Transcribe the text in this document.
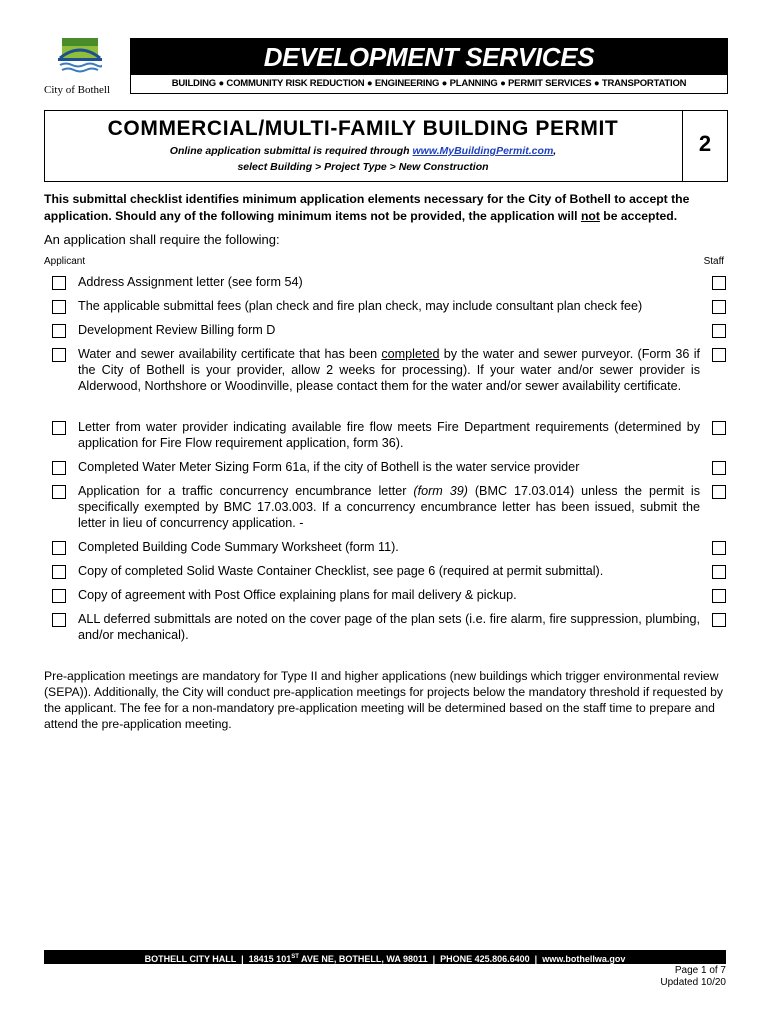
City of Bothell
DEVELOPMENT SERVICES
BUILDING ● COMMUNITY RISK REDUCTION ● ENGINEERING ● PLANNING ● PERMIT SERVICES ● TRANSPORTATION
COMMERCIAL/MULTI-FAMILY BUILDING PERMIT
Online application submittal is required through www.MyBuildingPermit.com,
select Building > Project Type > New Construction
2
This submittal checklist identifies minimum application elements necessary for the City of Bothell to accept the application. Should any of the following minimum items not be provided, the application will not be accepted.
An application shall require the following:
Applicant	Staff
Address Assignment letter (see form 54)
The applicable submittal fees (plan check and fire plan check, may include consultant plan check fee)
Development Review Billing form D
Water and sewer availability certificate that has been completed by the water and sewer purveyor. (Form 36 if the City of Bothell is your provider, allow 2 weeks for processing). If your water and/or sewer provider is Alderwood, Northshore or Woodinville, please contact them for the water and/or sewer availability certificate.
Letter from water provider indicating available fire flow meets Fire Department requirements (determined by application for Fire Flow requirement application, form 36).
Completed Water Meter Sizing Form 61a, if the city of Bothell is the water service provider
Application for a traffic concurrency encumbrance letter (form 39) (BMC 17.03.014) unless the permit is specifically exempted by BMC 17.03.003. If a concurrency encumbrance letter has been issued, submit the letter in lieu of concurrency application. -
Completed Building Code Summary Worksheet (form 11).
Copy of completed Solid Waste Container Checklist, see page 6 (required at permit submittal).
Copy of agreement with Post Office explaining plans for mail delivery & pickup.
ALL deferred submittals are noted on the cover page of the plan sets (i.e. fire alarm, fire suppression, plumbing, and/or mechanical).
Pre-application meetings are mandatory for Type II and higher applications (new buildings which trigger environmental review (SEPA)). Additionally, the City will conduct pre-application meetings for projects below the mandatory threshold if requested by the applicant. The fee for a non-mandatory pre-application meeting will be determined based on the staff time to prepare and attend the pre-application meeting.
BOTHELL CITY HALL  |  18415 101ST AVE NE, BOTHELL, WA 98011  |  PHONE 425.806.6400  |  www.bothellwa.gov
Page 1 of 7
Updated 10/20
